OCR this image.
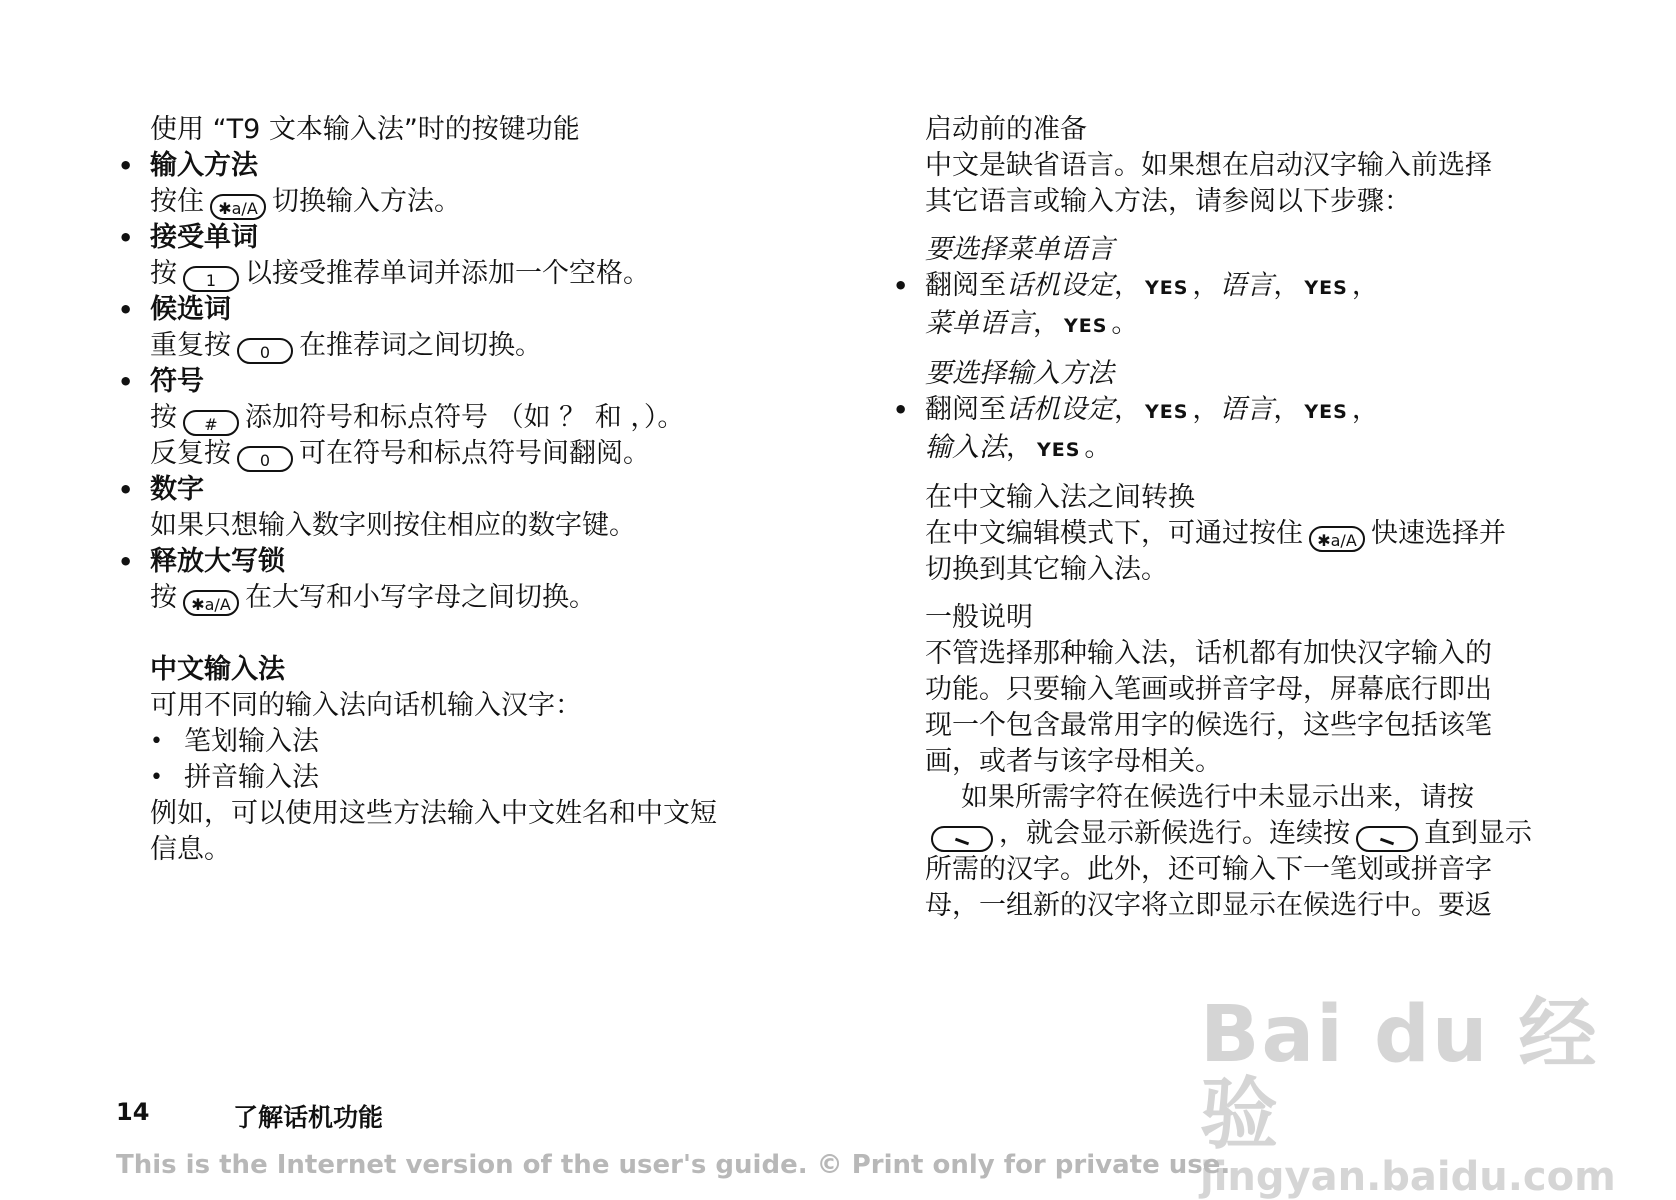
使用 “T9 文本输入法”时的按键功能
• 输入方法
按住 ✱a/A 切换输入方法。
• 接受单词
按 1 以接受推荐单词并添加一个空格。
• 候选词
重复按 0 在推荐词之间切换。
• 符号
按 # 添加符号和标点符号 （如 ？ 和 ，）。
反复按 0 可在符号和标点符号间翻阅。
• 数字
如果只想输入数字则按住相应的数字键。
• 释放大写锁
按 ✱a/A 在大写和小写字母之间切换。
中文输入法
可用不同的输入法向话机输入汉字：
• 笔划输入法
• 拼音输入法
例如，可以使用这些方法输入中文姓名和中文短
信息。
启动前的准备
中文是缺省语言。如果想在启动汉字输入前选择
其它语言或输入方法，请参阅以下步骤：
要选择菜单语言
• 翻阅至话机设定， YES ，语言， YES ，
菜单语言， YES 。
要选择输入方法
• 翻阅至话机设定， YES ，语言， YES ，
输入法， YES 。
在中文输入法之间转换
在中文编辑模式下，可通过按住 ✱a/A 快速选择并
切换到其它输入法。
一般说明
不管选择那种输入法，话机都有加快汉字输入的
功能。只要输入笔画或拼音字母，屏幕底行即出
现一个包含最常用字的候选行，这些字包括该笔
画，或者与该字母相关。
如果所需字符在候选行中未显示出来，请按
，就会显示新候选行。连续按	直到显示
所需的汉字。此外，还可输入下一笔划或拼音字
母，一组新的汉字将立即显示在候选行中。要返
Bai du 经验
jingyan.baidu.com
14	了解话机功能
This is the Internet version of the user's guide. © Print only for private use.
